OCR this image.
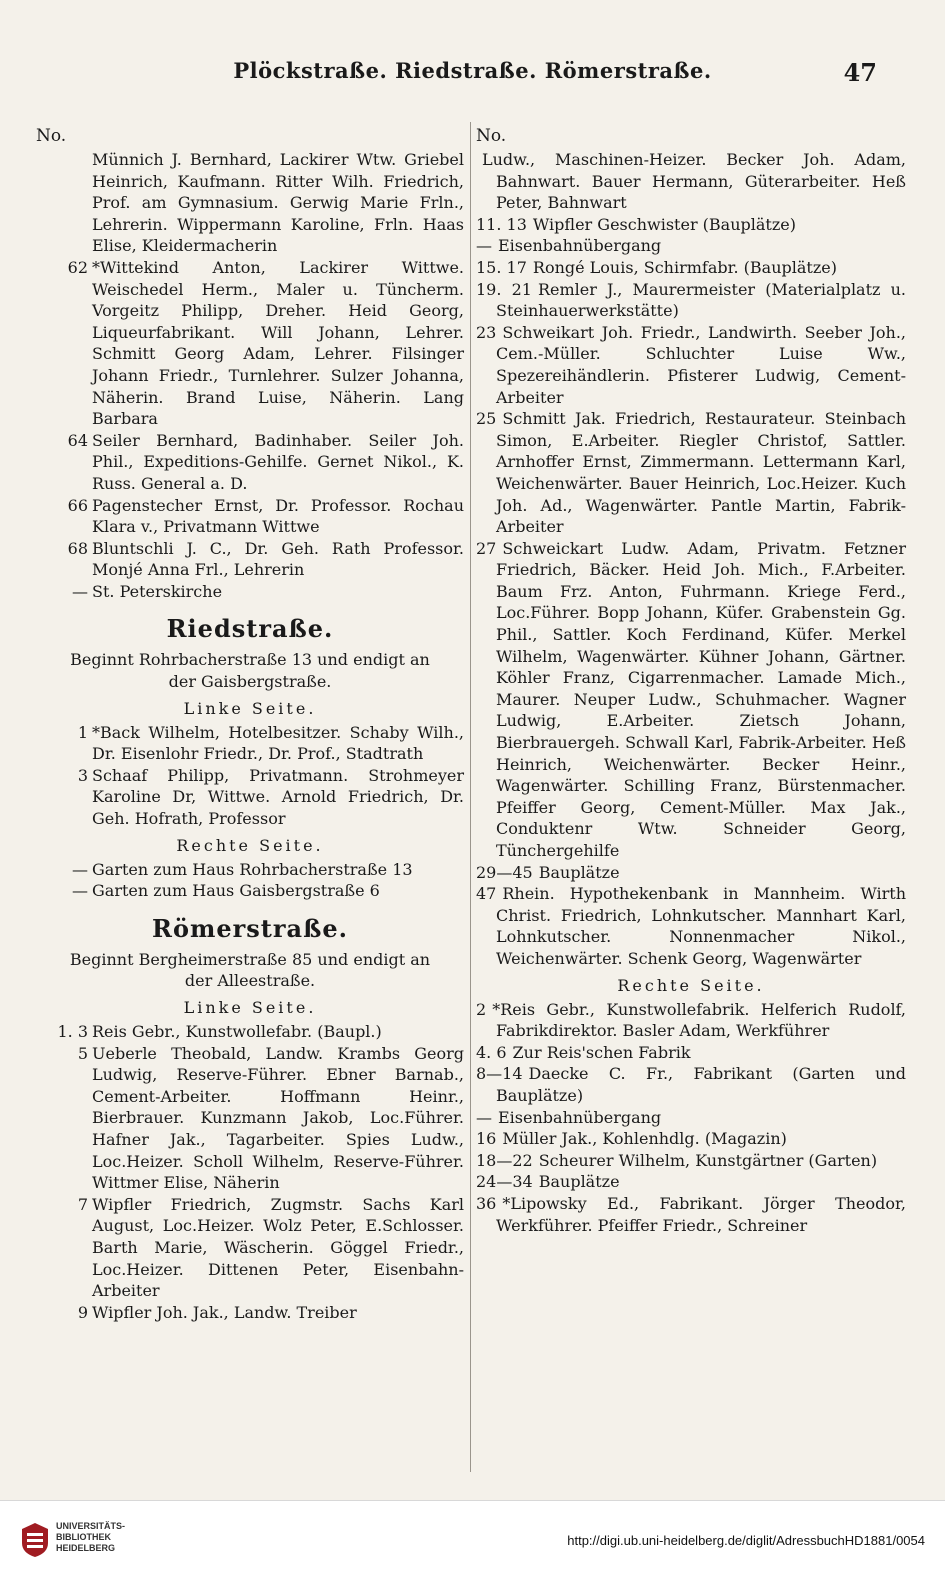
Plöckstraße. Riedstraße. Römerstraße.	47
No.
Münnich J. Bernhard, Lackirer Wtw. Griebel Heinrich, Kaufmann. Ritter Wilh. Friedrich, Prof. am Gymnasium. Gerwig Marie Frln., Lehrerin. Wippermann Karoline, Frln. Haas Elise, Kleidermacherin
62 *Wittekind Anton, Lackirer Wittwe. Weischedel Herm., Maler u. Tüncherm. Vorgeitz Philipp, Dreher. Heid Georg, Liqueurfabrikant. Will Johann, Lehrer. Schmitt Georg Adam, Lehrer. Filsinger Johann Friedr., Turnlehrer. Sulzer Johanna, Näherin. Brand Luise, Näherin. Lang Barbara
64 Seiler Bernhard, Badinhaber. Seiler Joh. Phil., Expeditions-Gehilfe. Gernet Nikol., K. Russ. General a. D.
66 Pagenstecher Ernst, Dr. Professor. Rochau Klara v., Privatmann Wittwe
68 Bluntschli J. C., Dr. Geh. Rath Professor. Monjé Anna Frl., Lehrerin
— St. Peterskirche
Riedstraße.
Beginnt Rohrbacherstraße 13 und endigt an der Gaisbergstraße.
Linke Seite.
1 *Back Wilhelm, Hotelbesitzer. Schaby Wilh., Dr. Eisenlohr Friedr., Dr. Prof., Stadtrath
3 Schaaf Philipp, Privatmann. Strohmeyer Karoline Dr, Wittwe. Arnold Friedrich, Dr. Geh. Hofrath, Professor
Rechte Seite.
— Garten zum Haus Rohrbacherstraße 13
— Garten zum Haus Gaisbergstraße 6
Römerstraße.
Beginnt Bergheimerstraße 85 und endigt an der Alleestraße.
Linke Seite.
1. 3 Reis Gebr., Kunstwollefabr. (Baupl.)
5 Ueberle Theobald, Landw. Krambs Georg Ludwig, Reserve-Führer. Ebner Barnab., Cement-Arbeiter. Hoffmann Heinr., Bierbrauer. Kunzmann Jakob, Loc.Führer. Hafner Jak., Tagarbeiter. Spies Ludw., Loc.Heizer. Scholl Wilhelm, Reserve-Führer. Wittmer Elise, Näherin
7 Wipfler Friedrich, Zugmstr. Sachs Karl August, Loc.Heizer. Wolz Peter, E.Schlosser. Barth Marie, Wäscherin. Göggel Friedr., Loc.Heizer. Dittenen Peter, Eisenbahn-Arbeiter
9 Wipfler Joh. Jak., Landw. Treiber
No.
Ludw., Maschinen-Heizer. Becker Joh. Adam, Bahnwart. Bauer Hermann, Güterarbeiter. Heß Peter, Bahnwart
11. 13 Wipfler Geschwister (Bauplätze)
— Eisenbahnübergang
15. 17 Rongé Louis, Schirmfabr. (Bauplätze)
19. 21 Remler J., Maurermeister (Materialplatz u. Steinhauerwerkstätte)
23 Schweikart Joh. Friedr., Landwirth. Seeber Joh., Cem.-Müller. Schluchter Luise Ww., Spezereihändlerin. Pfisterer Ludwig, Cement-Arbeiter
25 Schmitt Jak. Friedrich, Restaurateur. Steinbach Simon, E.Arbeiter. Riegler Christof, Sattler. Arnhoffer Ernst, Zimmermann. Lettermann Karl, Weichenwärter. Bauer Heinrich, Loc.Heizer. Kuch Joh. Ad., Wagenwärter. Pantle Martin, Fabrik-Arbeiter
27 Schweickart Ludw. Adam, Privatm. Fetzner Friedrich, Bäcker. Heid Joh. Mich., F.Arbeiter. Baum Frz. Anton, Fuhrmann. Kriege Ferd., Loc.Führer. Bopp Johann, Küfer. Grabenstein Gg. Phil., Sattler. Koch Ferdinand, Küfer. Merkel Wilhelm, Wagenwärter. Kühner Johann, Gärtner. Köhler Franz, Cigarrenmacher. Lamade Mich., Maurer. Neuper Ludw., Schuhmacher. Wagner Ludwig, E.Arbeiter. Zietsch Johann, Bierbrauergeh. Schwall Karl, Fabrik-Arbeiter. Heß Heinrich, Weichenwärter. Becker Heinr., Wagenwärter. Schilling Franz, Bürstenmacher. Pfeiffer Georg, Cement-Müller. Max Jak., Conduktenr Wtw. Schneider Georg, Tünchergehilfe
29—45 Bauplätze
47 Rhein. Hypothekenbank in Mannheim. Wirth Christ. Friedrich, Lohnkutscher. Mannhart Karl, Lohnkutscher. Nonnenmacher Nikol., Weichenwärter. Schenk Georg, Wagenwärter
Rechte Seite.
2 *Reis Gebr., Kunstwollefabrik. Helferich Rudolf, Fabrikdirektor. Basler Adam, Werkführer
4. 6 Zur Reis'schen Fabrik
8—14 Daecke C. Fr., Fabrikant (Garten und Bauplätze)
— Eisenbahnübergang
16 Müller Jak., Kohlenhdlg. (Magazin)
18—22 Scheurer Wilhelm, Kunstgärtner (Garten)
24—34 Bauplätze
36 *Lipowsky Ed., Fabrikant. Jörger Theodor, Werkführer. Pfeiffer Friedr., Schreiner
UNIVERSITÄTS-
BIBLIOTHEK
HEIDELBERG	http://digi.ub.uni-heidelberg.de/diglit/AdressbuchHD1881/0054
